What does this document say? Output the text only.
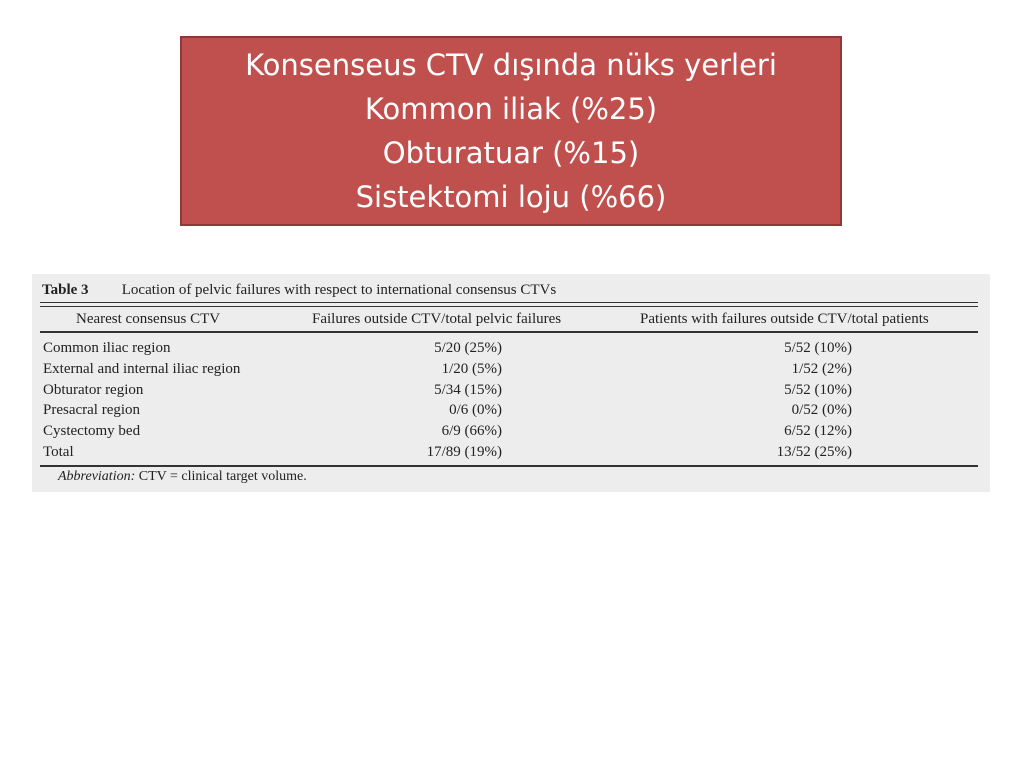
Konsenseus CTV dışında nüks yerleri
Kommon iliak (%25)
Obturatuar (%15)
Sistektomi loju (%66)
Table 3 Location of pelvic failures with respect to international consensus CTVs
Nearest consensus CTV	Failures outside CTV/total pelvic failures	Patients with failures outside CTV/total patients
Common iliac region	5/20 (25%)	5/52 (10%)
External and internal iliac region	1/20 (5%)	1/52 (2%)
Obturator region	5/34 (15%)	5/52 (10%)
Presacral region	0/6 (0%)	0/52 (0%)
Cystectomy bed	6/9 (66%)	6/52 (12%)
Total	17/89 (19%)	13/52 (25%)
Abbreviation: CTV = clinical target volume.
